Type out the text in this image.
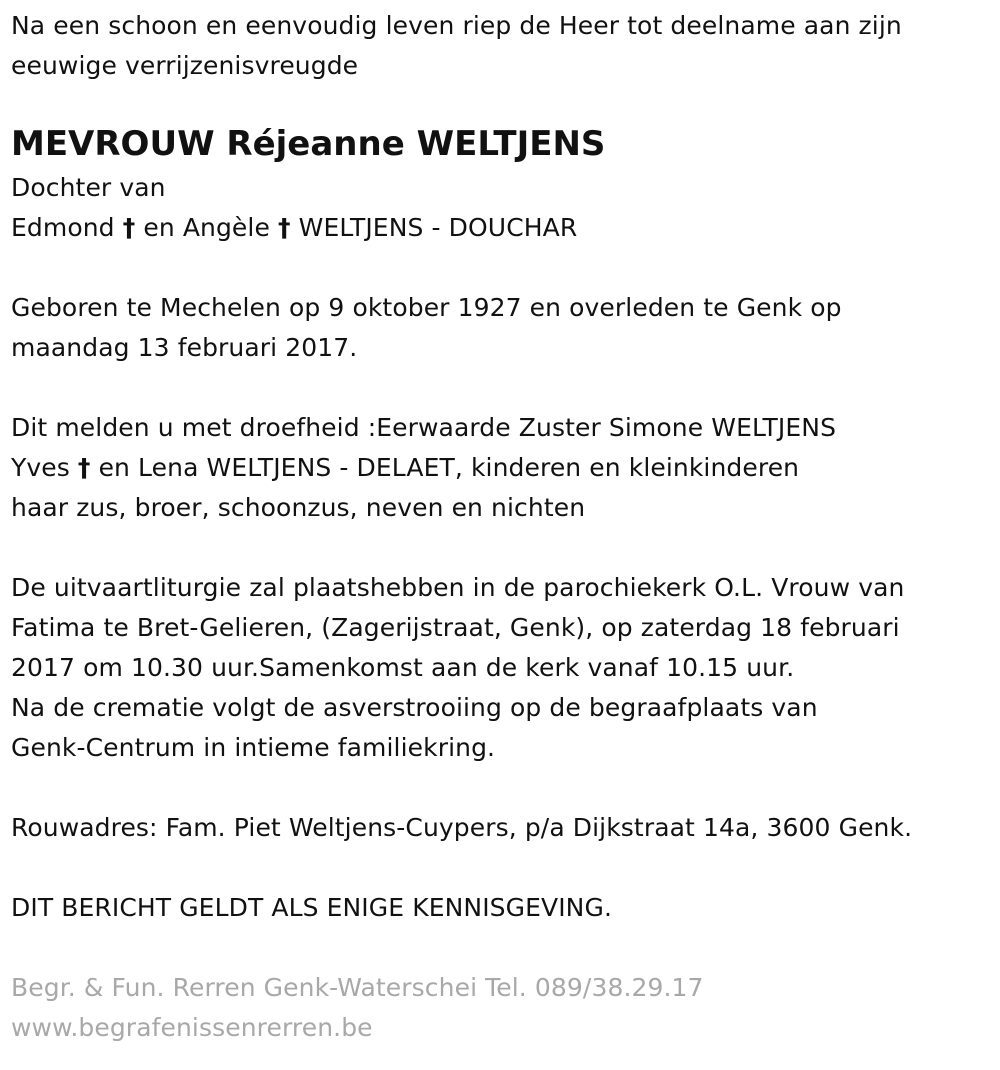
Na een schoon en eenvoudig leven riep de Heer tot deelname aan zijn
eeuwige verrijzenisvreugde
MEVROUW Réjeanne WELTJENS
Dochter van
Edmond † en Angèle † WELTJENS - DOUCHAR
Geboren te Mechelen op 9 oktober 1927 en overleden te Genk op
maandag 13 februari 2017.
Dit melden u met droefheid :Eerwaarde Zuster Simone WELTJENS
Yves † en Lena WELTJENS - DELAET, kinderen en kleinkinderen
haar zus, broer, schoonzus, neven en nichten
De uitvaartliturgie zal plaatshebben in de parochiekerk O.L. Vrouw van
Fatima te Bret-Gelieren, (Zagerijstraat, Genk), op zaterdag 18 februari
2017 om 10.30 uur.Samenkomst aan de kerk vanaf 10.15 uur.
Na de crematie volgt de asverstrooiing op de begraafplaats van
Genk-Centrum in intieme familiekring.
Rouwadres: Fam. Piet Weltjens-Cuypers, p/a Dijkstraat 14a, 3600 Genk.
DIT BERICHT GELDT ALS ENIGE KENNISGEVING.
Begr. & Fun. Rerren Genk-Waterschei Tel. 089/38.29.17
www.begrafenissenrerren.be
